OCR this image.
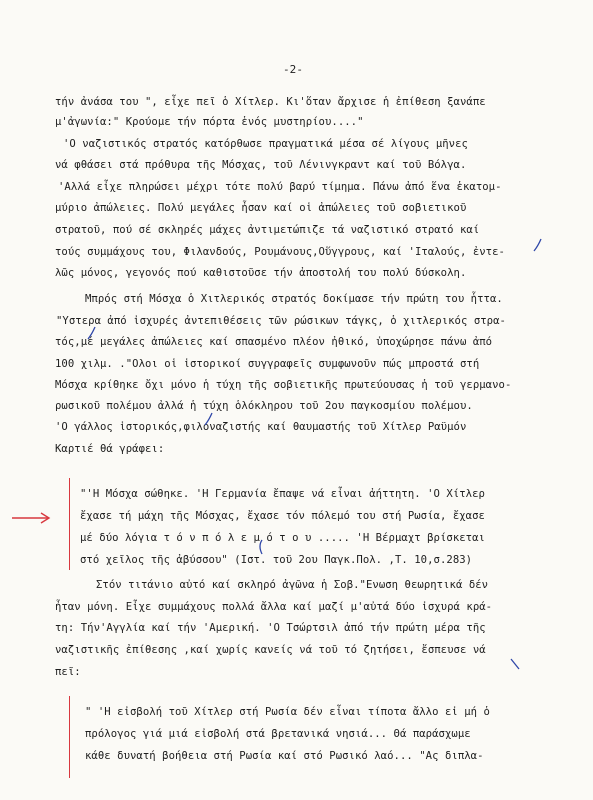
-2-
τήν ἀνάσα του ", εἶχε πεῖ ὁ Χίτλερ. Κι'ὅταν ἄρχισε ἡ ἐπίθεση ξανάπε
μ'ἀγωνία:" Κρούομε τήν πόρτα ἑνός μυστηρίου...."
'Ο ναζιστικός στρατός κατόρθωσε πραγματικά μέσα σέ λίγους μῆνες
νά φθάσει στά πρόθυρα τῆς Μόσχας, τοῦ Λένινγκραντ καί τοῦ Βόλγα.
'Αλλά εἶχε πληρώσει μέχρι τότε πολύ βαρύ τίμημα. Πάνω ἀπό ἕνα ἑκατομ-
μύριο ἀπώλειες. Πολύ μεγάλες ἦσαν καί οἱ ἀπώλειες τοῦ σοβιετικοῦ
στρατοῦ, πού σέ σκληρές μάχες ἀντιμετώπιζε τά ναζιστικό στρατό καί
τούς συμμάχους του, Φιλανδούς, Ρουμάνους,Οὕγγρους, καί 'Ιταλούς, ἐντε-
λῶς μόνος, γεγονός πού καθιστοῦσε τήν ἀποστολή του πολύ δύσκολη.
Μπρός στή Μόσχα ὁ Χιτλερικός στρατός δοκίμασε τήν πρώτη του ἧττα.
"Υστερα ἀπό ἰσχυρές ἀντεπιθέσεις τῶν ρώσικων τάγκς, ὁ χιτλερικός στρα-
τός,μέ μεγάλες ἀπώλειες καί σπασμένο πλέον ἠθικό, ὑποχώρησε πάνω ἀπό
100 χιλμ. ."Ολοι οἱ ἱστορικοί συγγραφεῖς συμφωνοῦν πώς μπροστά στή
Μόσχα κρίθηκε ὄχι μόνο ἡ τύχη τῆς σοβιετικῆς πρωτεύουσας ἡ τοῦ γερμανο-
ρωσικοῦ πολέμου ἀλλά ἡ τύχη ὁλόκληρου τοῦ 2ου παγκοσμίου πολέμου.
'Ο γάλλος ἱστορικός,φιλοναζιστής καί θαυμαστής τοῦ Χίτλερ Ραϋμόν
Καρτιέ θά γράφει:
"'Η Μόσχα σώθηκε. 'Η Γερμανία ἔπαψε νά εἶναι ἀήττητη. 'Ο Χίτλερ
ἔχασε τή μάχη τῆς Μόσχας, ἔχασε τόν πόλεμό του στή Ρωσία, ἔχασε
μέ δύο λόγια τ ό ν π ό λ ε μ ό τ ο υ ..... 'Η Βέρμαχτ βρίσκεται
στό χεῖλος τῆς ἀβύσσου" (Ιστ. τοῦ 2ου Παγκ.Πολ. ,Τ. 10,σ.283)
Στόν τιτάνιο αὐτό καί σκληρό ἀγῶνα ἡ Σοβ."Ενωση θεωρητικά δέν
ἦταν μόνη. Εἶχε συμμάχους πολλά ἄλλα καί μαζί μ'αὐτά δύο ἰσχυρά κρά-
τη: Τήν'Αγγλία καί τήν 'Αμερική. 'Ο Τσώρτσιλ ἀπό τήν πρώτη μέρα τῆς
ναζιστικῆς ἐπίθεσης ,καί χωρίς κανείς νά τοῦ τό ζητήσει, ἔσπευσε νά
πεῖ:
" 'Η εἰσβολή τοῦ Χίτλερ στή Ρωσία δέν εἶναι τίποτα ἄλλο εἰ μή ὁ
πρόλογος γιά μιά εἰσβολή στά βρετανικά νησιά... Θά παράσχωμε
κάθε δυνατή βοήθεια στή Ρωσία καί στό Ρωσικό λαό... "Ας διπλα-
